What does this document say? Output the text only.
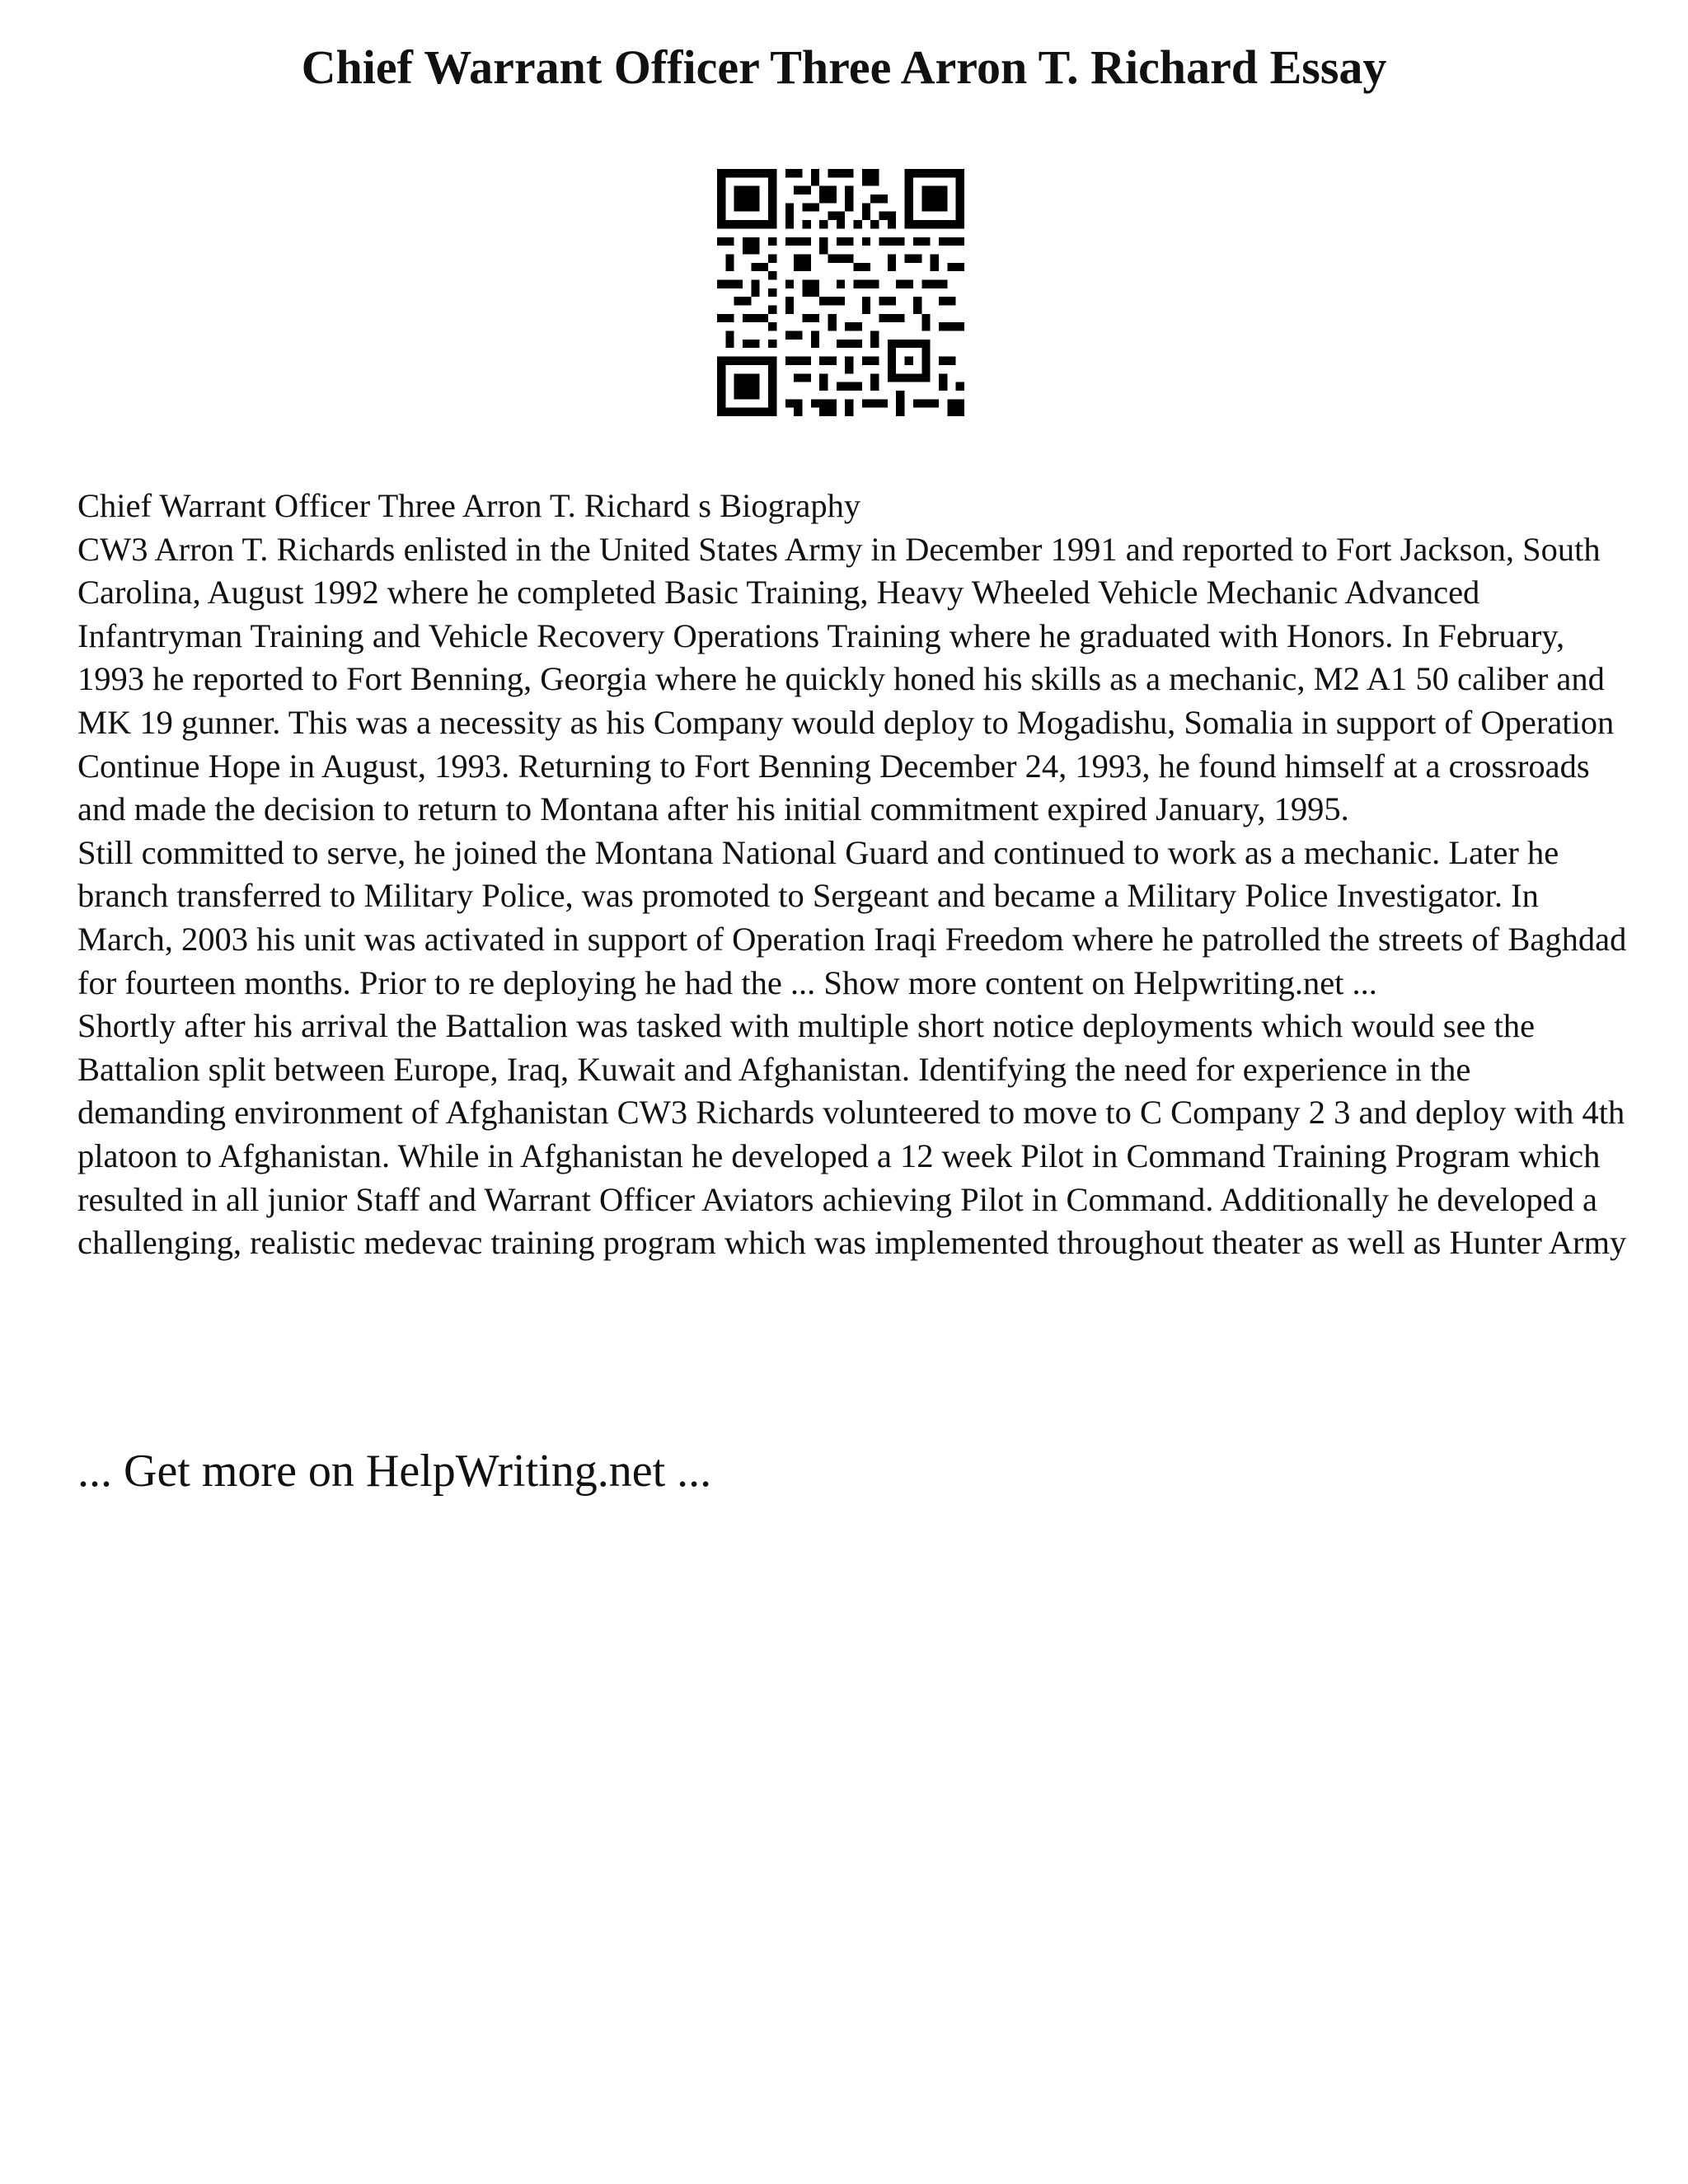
Chief Warrant Officer Three Arron T. Richard Essay

Chief Warrant Officer Three Arron T. Richard s Biography

CW3 Arron T. Richards enlisted in the United States Army in December 1991 and reported to Fort Jackson, South Carolina, August 1992 where he completed Basic Training, Heavy Wheeled Vehicle Mechanic Advanced Infantryman Training and Vehicle Recovery Operations Training where he graduated with Honors. In February, 1993 he reported to Fort Benning, Georgia where he quickly honed his skills as a mechanic, M2 A1 50 caliber and MK 19 gunner. This was a necessity as his Company would deploy to Mogadishu, Somalia in support of Operation Continue Hope in August, 1993. Returning to Fort Benning December 24, 1993, he found himself at a crossroads and made the decision to return to Montana after his initial commitment expired January, 1995.

Still committed to serve, he joined the Montana National Guard and continued to work as a mechanic. Later he branch transferred to Military Police, was promoted to Sergeant and became a Military Police Investigator. In March, 2003 his unit was activated in support of Operation Iraqi Freedom where he patrolled the streets of Baghdad for fourteen months. Prior to re deploying he had the ... Show more content on Helpwriting.net ...

Shortly after his arrival the Battalion was tasked with multiple short notice deployments which would see the Battalion split between Europe, Iraq, Kuwait and Afghanistan. Identifying the need for experience in the demanding environment of Afghanistan CW3 Richards volunteered to move to C Company 2 3 and deploy with 4th platoon to Afghanistan. While in Afghanistan he developed a 12 week Pilot in Command Training Program which resulted in all junior Staff and Warrant Officer Aviators achieving Pilot in Command. Additionally he developed a challenging, realistic medevac training program which was implemented throughout theater as well as Hunter Army

... Get more on HelpWriting.net ...
